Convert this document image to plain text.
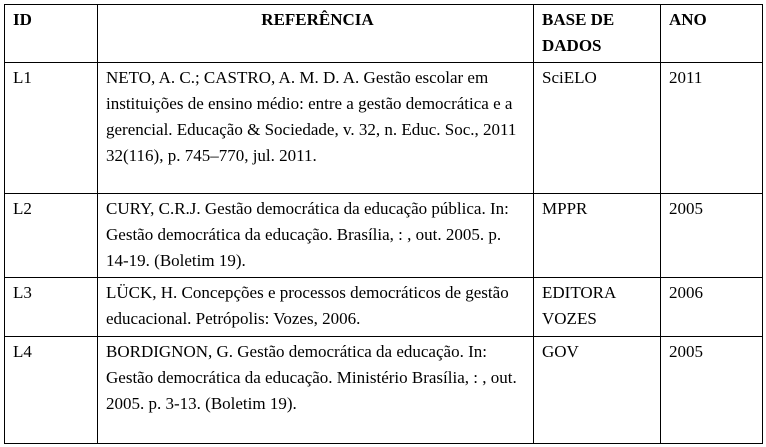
ID	REFERÊNCIA	BASE DE DADOS	ANO
L1	NETO, A. C.; CASTRO, A. M. D. A. Gestão escolar em instituições de ensino médio: entre a gestão democrática e a gerencial. Educação & Sociedade, v. 32, n. Educ. Soc., 2011 32(116), p. 745–770, jul. 2011.	SciELO	2011
L2	CURY, C.R.J. Gestão democrática da educação pública. In: Gestão democrática da educação. Brasília, : , out. 2005. p. 14-19. (Boletim 19).	MPPR	2005
L3	LÜCK, H. Concepções e processos democráticos de gestão educacional. Petrópolis: Vozes, 2006.	EDITORA VOZES	2006
L4	BORDIGNON, G. Gestão democrática da educação. In: Gestão democrática da educação. Ministério Brasília, : , out. 2005. p. 3-13. (Boletim 19).	GOV	2005
